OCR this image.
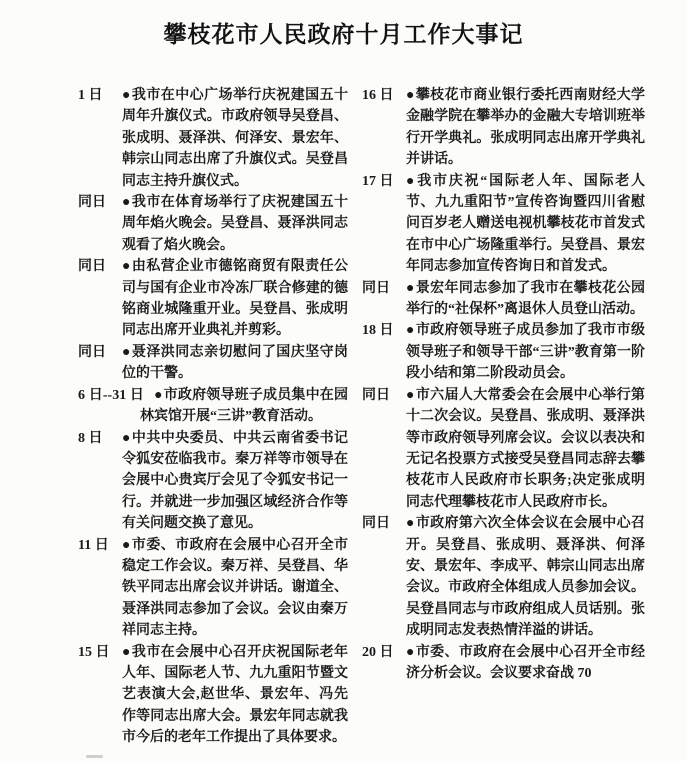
攀枝花市人民政府十月工作大事记

1 日	●我市在中心广场举行庆祝建国五十周年升旗仪式。市政府领导吴登昌、张成明、聂泽洪、何泽安、景宏年、韩宗山同志出席了升旗仪式。吴登昌同志主持升旗仪式。

同日	●我市在体育场举行了庆祝建国五十周年焰火晚会。吴登昌、聂泽洪同志观看了焰火晚会。

同日	●由私营企业市德铭商贸有限责任公司与国有企业市冷冻厂联合修建的德铭商业城隆重开业。吴登昌、张成明同志出席开业典礼并剪彩。

同日	●聂泽洪同志亲切慰问了国庆坚守岗位的干警。

6 日--31 日 ●市政府领导班子成员集中在园林宾馆开展“三讲”教育活动。

8 日	●中共中央委员、中共云南省委书记令狐安莅临我市。秦万祥等市领导在会展中心贵宾厅会见了令狐安书记一行。并就进一步加强区域经济合作等有关问题交换了意见。

11 日 ●市委、市政府在会展中心召开全市稳定工作会议。秦万祥、吴登昌、华铁平同志出席会议并讲话。谢道全、聂泽洪同志参加了会议。会议由秦万祥同志主持。

15 日 ●我市在会展中心召开庆祝国际老年人年、国际老人节、九九重阳节暨文艺表演大会,赵世华、景宏年、冯先作等同志出席大会。景宏年同志就我市今后的老年工作提出了具体要求。

16 日 ●攀枝花市商业银行委托西南财经大学金融学院在攀举办的金融大专培训班举行开学典礼。张成明同志出席开学典礼并讲话。

17 日 ●我市庆祝“国际老人年、国际老人节、九九重阳节”宣传咨询暨四川省慰问百岁老人赠送电视机攀枝花市首发式在市中心广场隆重举行。吴登昌、景宏年同志参加宣传咨询日和首发式。

同日	●景宏年同志参加了我市在攀枝花公园举行的“社保杯”离退休人员登山活动。

18 日 ●市政府领导班子成员参加了我市市级领导班子和领导干部“三讲”教育第一阶段小结和第二阶段动员会。

同日	●市六届人大常委会在会展中心举行第十二次会议。吴登昌、张成明、聂泽洪等市政府领导列席会议。会议以表决和无记名投票方式接受吴登昌同志辞去攀枝花市人民政府市长职务;决定张成明同志代理攀枝花市人民政府市长。

同日	●市政府第六次全体会议在会展中心召开。吴登昌、张成明、聂泽洪、何泽安、景宏年、李成平、韩宗山同志出席会议。市政府全体组成人员参加会议。吴登昌同志与市政府组成人员话别。张成明同志发表热情洋溢的讲话。

20 日 ●市委、市政府在会展中心召开全市经济分析会议。会议要求奋战 70
